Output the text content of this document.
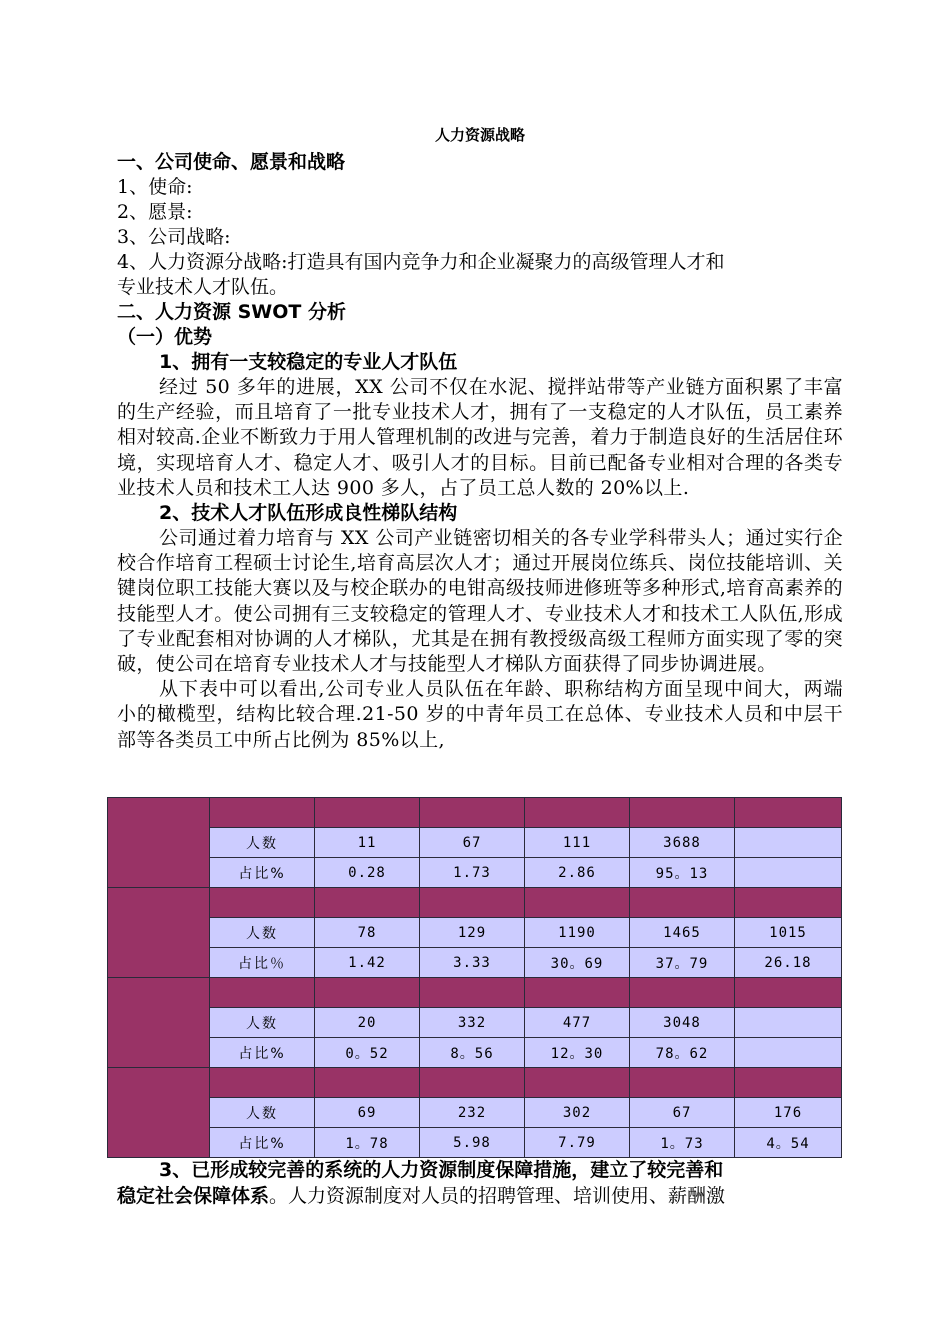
人力资源战略
一、公司使命、愿景和战略
1、使命:
2、愿景:
3、公司战略:
4、人力资源分战略:打造具有国内竞争力和企业凝聚力的高级管理人才和
专业技术人才队伍。
二、人力资源 SWOT 分析
（一）优势
1、拥有一支较稳定的专业人才队伍

经过 50 多年的进展，XX 公司不仅在水泥、搅拌站带等产业链方面积累了丰富的生产经验，而且培育了一批专业技术人才，拥有了一支稳定的人才队伍，员工素养相对较高.企业不断致力于用人管理机制的改进与完善，着力于制造良好的生活居住环境，实现培育人才、稳定人才、吸引人才的目标。目前已配备专业相对合理的各类专业技术人员和技术工人达 900 多人，占了员工总人数的 20%以上.

2、技术人才队伍形成良性梯队结构

公司通过着力培育与 XX 公司产业链密切相关的各专业学科带头人；通过实行企校合作培育工程硕士讨论生,培育高层次人才；通过开展岗位练兵、岗位技能培训、关键岗位职工技能大赛以及与校企联办的电钳高级技师进修班等多种形式,培育高素养的技能型人才。使公司拥有三支较稳定的管理人才、专业技术人才和技术工人队伍,形成了专业配套相对协调的人才梯队，尤其是在拥有教授级高级工程师方面实现了零的突破，使公司在培育专业技术人才与技能型人才梯队方面获得了同步协调进展。

从下表中可以看出,公司专业人员队伍在年龄、职称结构方面呈现中间大，两端小的橄榄型，结构比较合理.21-50 岁的中青年员工在总体、专业技术人员和中层干部等各类员工中所占比例为 85%以上,

	人数	11	67	111	3688	
	占比%	0.28	1.73	2.86	95。13	

	人数	78	129	1190	1465	1015
	占比％	1.42	3.33	30。69	37。79	26.18

	人数	20	332	477	3048	
	占比%	0。52	8。56	12。30	78。62	

	人数	69	232	302	67	176
	占比%	1。78	5.98	7.79	1。73	4。54
3、已形成较完善的系统的人力资源制度保障措施，建立了较完善和
稳定社会保障体系。人力资源制度对人员的招聘管理、培训使用、薪酬激
